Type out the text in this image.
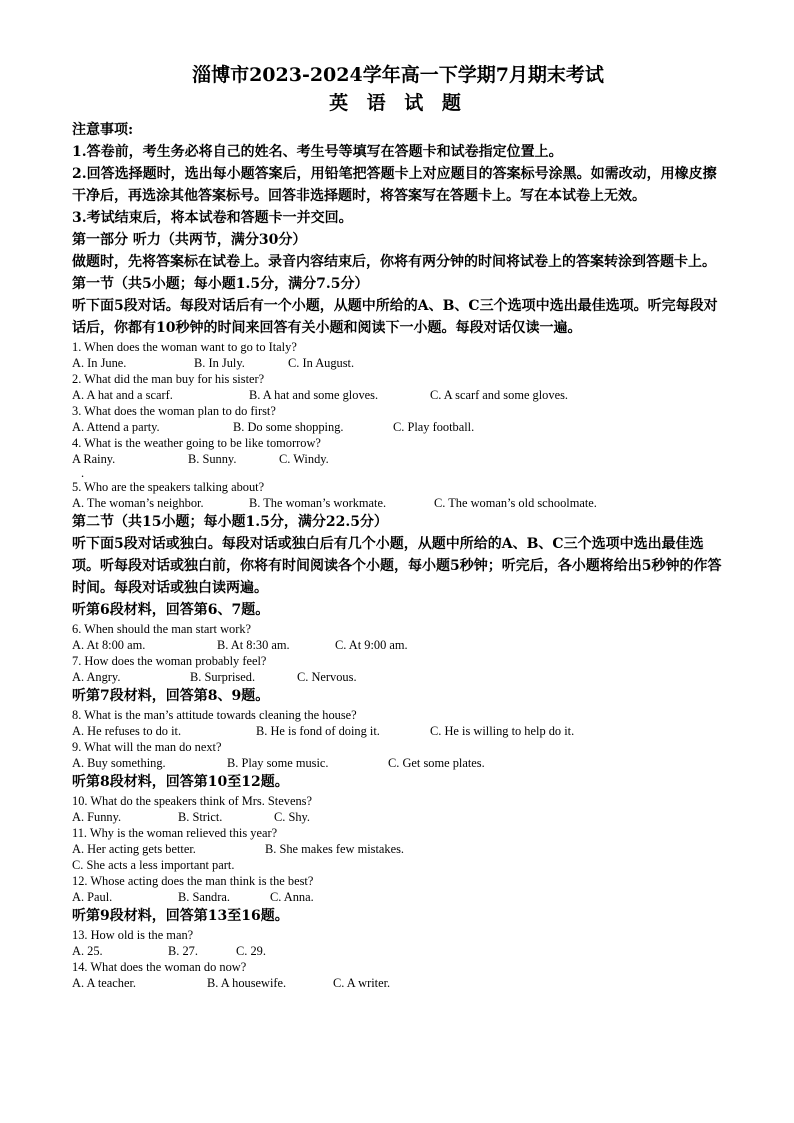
淄博市2023-2024学年高一下学期7月期末考试
英 语 试 题
注意事项:
1.答卷前，考生务必将自己的姓名、考生号等填写在答题卡和试卷指定位置上。
2.回答选择题时，选出每小题答案后，用铅笔把答题卡上对应题目的答案标号涂黑。如需改动，用橡皮擦干净后，再选涂其他答案标号。回答非选择题时，将答案写在答题卡上。写在本试卷上无效。
3.考试结束后，将本试卷和答题卡一并交回。
第一部分 听力（共两节，满分30分）
做题时，先将答案标在试卷上。录音内容结束后，你将有两分钟的时间将试卷上的答案转涂到答题卡上。
第一节（共5小题；每小题1.5分，满分7.5分）
听下面5段对话。每段对话后有一个小题，从题中所给的A、B、C三个选项中选出最佳选项。听完每段对话后，你都有10秒钟的时间来回答有关小题和阅读下一小题。每段对话仅读一遍。
1. When does the woman want to go to Italy?
A. In June.	B. In July.	C. In August.
2. What did the man buy for his sister?
A. A hat and a scarf.	B. A hat and some gloves.	C. A scarf and some gloves.
3. What does the woman plan to do first?
A. Attend a party.	B. Do some shopping.	C. Play football.
4. What is the weather going to be like tomorrow?
A Rainy.	B. Sunny.	C. Windy.
.
5. Who are the speakers talking about?
A. The woman’s neighbor.	B. The woman’s workmate.	C. The woman’s old schoolmate.
第二节（共15小题；每小题1.5分，满分22.5分）
听下面5段对话或独白。每段对话或独白后有几个小题，从题中所给的A、B、C三个选项中选出最佳选项。听每段对话或独白前，你将有时间阅读各个小题，每小题5秒钟；听完后，各小题将给出5秒钟的作答时间。每段对话或独白读两遍。
听第6段材料，回答第6、7题。
6. When should the man start work?
A. At 8:00 am.	B. At 8:30 am.	C. At 9:00 am.
7. How does the woman probably feel?
A. Angry.	B. Surprised.	C. Nervous.
听第7段材料，回答第8、9题。
8. What is the man’s attitude towards cleaning the house?
A. He refuses to do it.	B. He is fond of doing it.	C. He is willing to help do it.
9. What will the man do next?
A. Buy something.	B. Play some music.	C. Get some plates.
听第8段材料，回答第10至12题。
10. What do the speakers think of Mrs. Stevens?
A. Funny.	B. Strict.	C. Shy.
11. Why is the woman relieved this year?
A. Her acting gets better.	B. She makes few mistakes.
C. She acts a less important part.
12. Whose acting does the man think is the best?
A. Paul.	B. Sandra.	C. Anna.
听第9段材料，回答第13至16题。
13. How old is the man?
A. 25.	B. 27.	C. 29.
14. What does the woman do now?
A. A teacher.	B. A housewife.	C. A writer.
